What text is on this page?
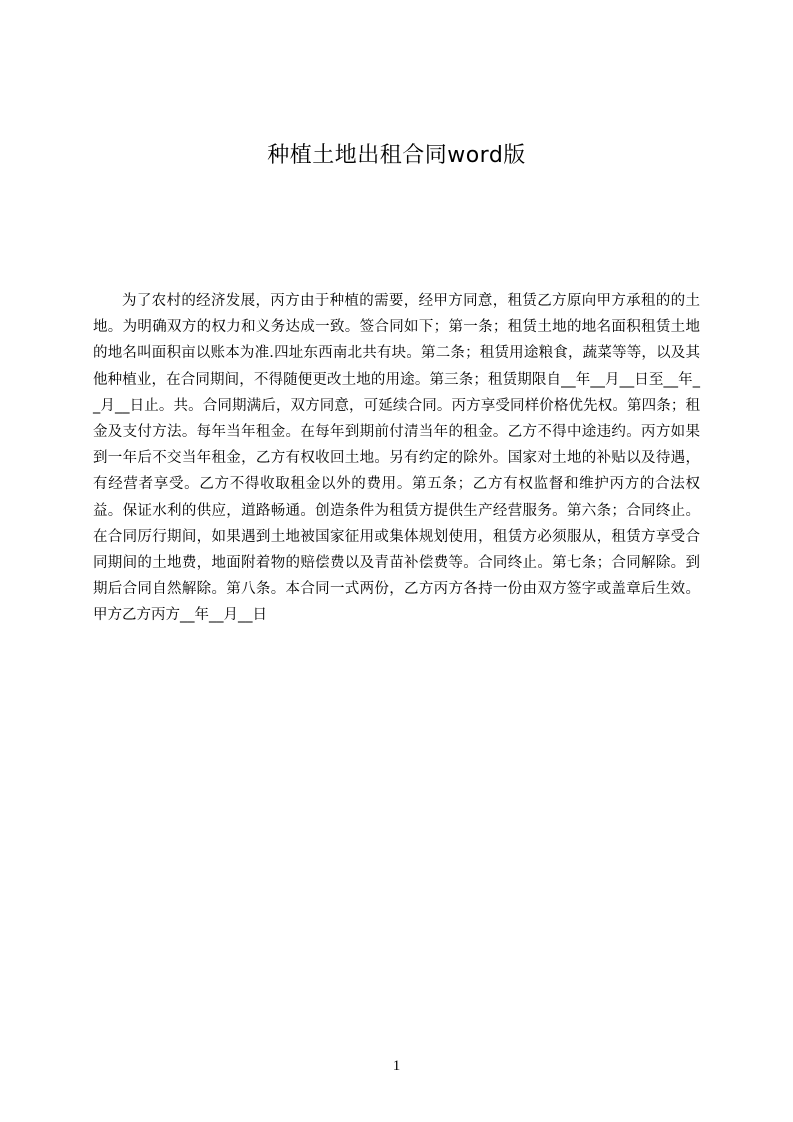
种植土地出租合同word版

为了农村的经济发展，丙方由于种植的需要，经甲方同意，租赁乙方原向甲方承租的的土地。为明确双方的权力和义务达成一致。签合同如下；第一条；租赁土地的地名面积租赁土地的地名叫面积亩以账本为准.四址东西南北共有块。第二条；租赁用途粮食，蔬菜等等，以及其他种植业，在合同期间，不得随便更改土地的用途。第三条；租赁期限自__年__月__日至__年__月__日止。共。合同期满后，双方同意，可延续合同。丙方享受同样价格优先权。第四条；租金及支付方法。每年当年租金。在每年到期前付清当年的租金。乙方不得中途违约。丙方如果到一年后不交当年租金，乙方有权收回土地。另有约定的除外。国家对土地的补贴以及待遇，有经营者享受。乙方不得收取租金以外的费用。第五条；乙方有权监督和维护丙方的合法权益。保证水利的供应，道路畅通。创造条件为租赁方提供生产经营服务。第六条；合同终止。在合同厉行期间，如果遇到土地被国家征用或集体规划使用，租赁方必须服从，租赁方享受合同期间的土地费，地面附着物的赔偿费以及青苗补偿费等。合同终止。第七条；合同解除。到期后合同自然解除。第八条。本合同一式两份，乙方丙方各持一份由双方签字或盖章后生效。甲方乙方丙方__年__月__日

1
